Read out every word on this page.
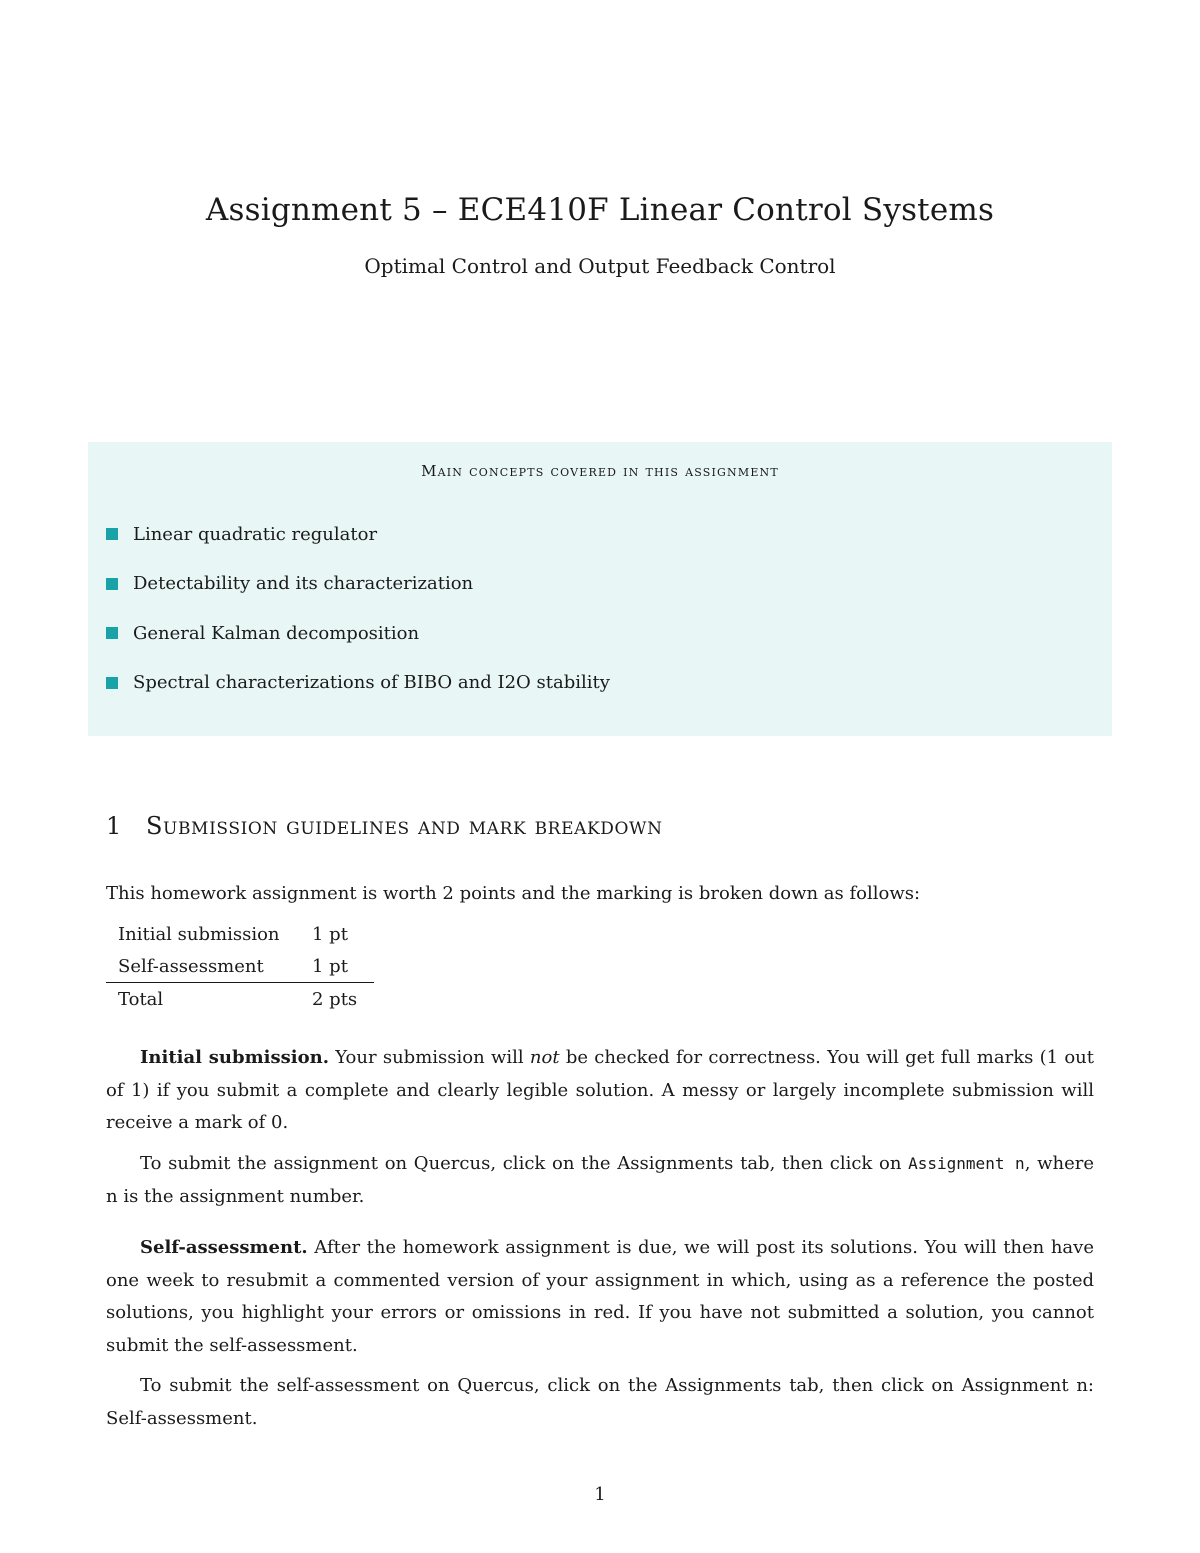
Assignment 5 – ECE410F Linear Control Systems
Optimal Control and Output Feedback Control
Main concepts covered in this assignment
Linear quadratic regulator
Detectability and its characterization
General Kalman decomposition
Spectral characterizations of BIBO and I2O stability
1	Submission guidelines and mark breakdown

This homework assignment is worth 2 points and the marking is broken down as follows:

Initial submission	1 pt
Self-assessment	1 pt
Total	2 pts

Initial submission. Your submission will not be checked for correctness. You will get full marks (1 out of 1) if you submit a complete and clearly legible solution. A messy or largely incomplete submission will receive a mark of 0.

To submit the assignment on Quercus, click on the Assignments tab, then click on Assignment n, where n is the assignment number.

Self-assessment. After the homework assignment is due, we will post its solutions. You will then have one week to resubmit a commented version of your assignment in which, using as a reference the posted solutions, you highlight your errors or omissions in red. If you have not submitted a solution, you cannot submit the self-assessment.

To submit the self-assessment on Quercus, click on the Assignments tab, then click on Assignment n: Self-assessment.

1
